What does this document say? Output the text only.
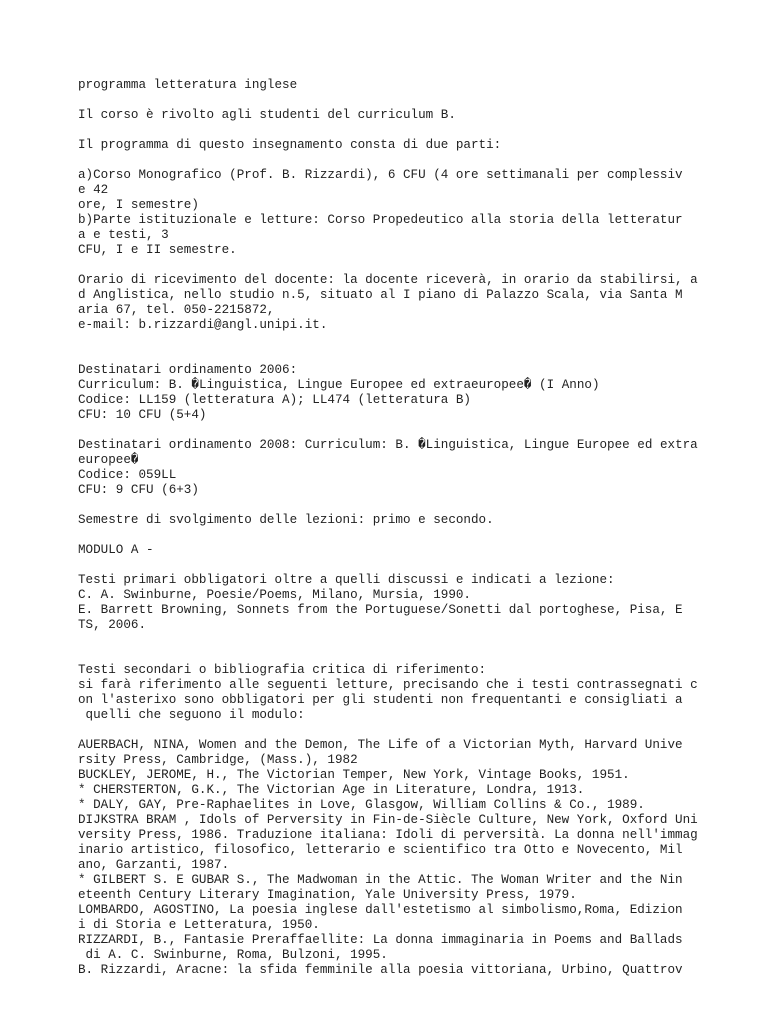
programma letteratura inglese
Il corso è rivolto agli studenti del curriculum B.
Il programma di questo insegnamento consta di due parti:
a)Corso Monografico (Prof. B. Rizzardi), 6 CFU (4 ore settimanali per complessiv
e 42
ore, I semestre)
b)Parte istituzionale e letture: Corso Propedeutico alla storia della letteratur
a e testi, 3
CFU, I e II semestre.
Orario di ricevimento del docente: la docente riceverà, in orario da stabilirsi, a
d Anglistica, nello studio n.5, situato al I piano di Palazzo Scala, via Santa M
aria 67, tel. 050-2215872,
e-mail: b.rizzardi@angl.unipi.it.
Destinatari ordinamento 2006:
Curriculum: B. �Linguistica, Lingue Europee ed extraeuropee� (I Anno)
Codice: LL159 (letteratura A); LL474 (letteratura B)
CFU: 10 CFU (5+4)
Destinatari ordinamento 2008: Curriculum: B. �Linguistica, Lingue Europee ed extra
europee�
Codice: 059LL
CFU: 9 CFU (6+3)
Semestre di svolgimento delle lezioni: primo e secondo.
MODULO A -
Testi primari obbligatori oltre a quelli discussi e indicati a lezione:
C. A. Swinburne, Poesie/Poems, Milano, Mursia, 1990.
E. Barrett Browning, Sonnets from the Portuguese/Sonetti dal portoghese, Pisa, E
TS, 2006.
Testi secondari o bibliografia critica di riferimento:
si farà riferimento alle seguenti letture, precisando che i testi contrassegnati c
on l'asterixo sono obbligatori per gli studenti non frequentanti e consigliati a
quelli che seguono il modulo:
AUERBACH, NINA, Women and the Demon, The Life of a Victorian Myth, Harvard Unive
rsity Press, Cambridge, (Mass.), 1982
BUCKLEY, JEROME, H., The Victorian Temper, New York, Vintage Books, 1951.
* CHERSTERTON, G.K., The Victorian Age in Literature, Londra, 1913.
* DALY, GAY, Pre-Raphaelites in Love, Glasgow, William Collins & Co., 1989.
DIJKSTRA BRAM , Idols of Perversity in Fin-de-Siècle Culture, New York, Oxford Uni
versity Press, 1986. Traduzione italiana: Idoli di perversità. La donna nell'immag
inario artistico, filosofico, letterario e scientifico tra Otto e Novecento, Mil
ano, Garzanti, 1987.
* GILBERT S. E GUBAR S., The Madwoman in the Attic. The Woman Writer and the Nin
eteenth Century Literary Imagination, Yale University Press, 1979.
LOMBARDO, AGOSTINO, La poesia inglese dall'estetismo al simbolismo,Roma, Edizion
i di Storia e Letteratura, 1950.
RIZZARDI, B., Fantasie Preraffaellite: La donna immaginaria in Poems and Ballads
di A. C. Swinburne, Roma, Bulzoni, 1995.
B. Rizzardi, Aracne: la sfida femminile alla poesia vittoriana, Urbino, Quattrov
